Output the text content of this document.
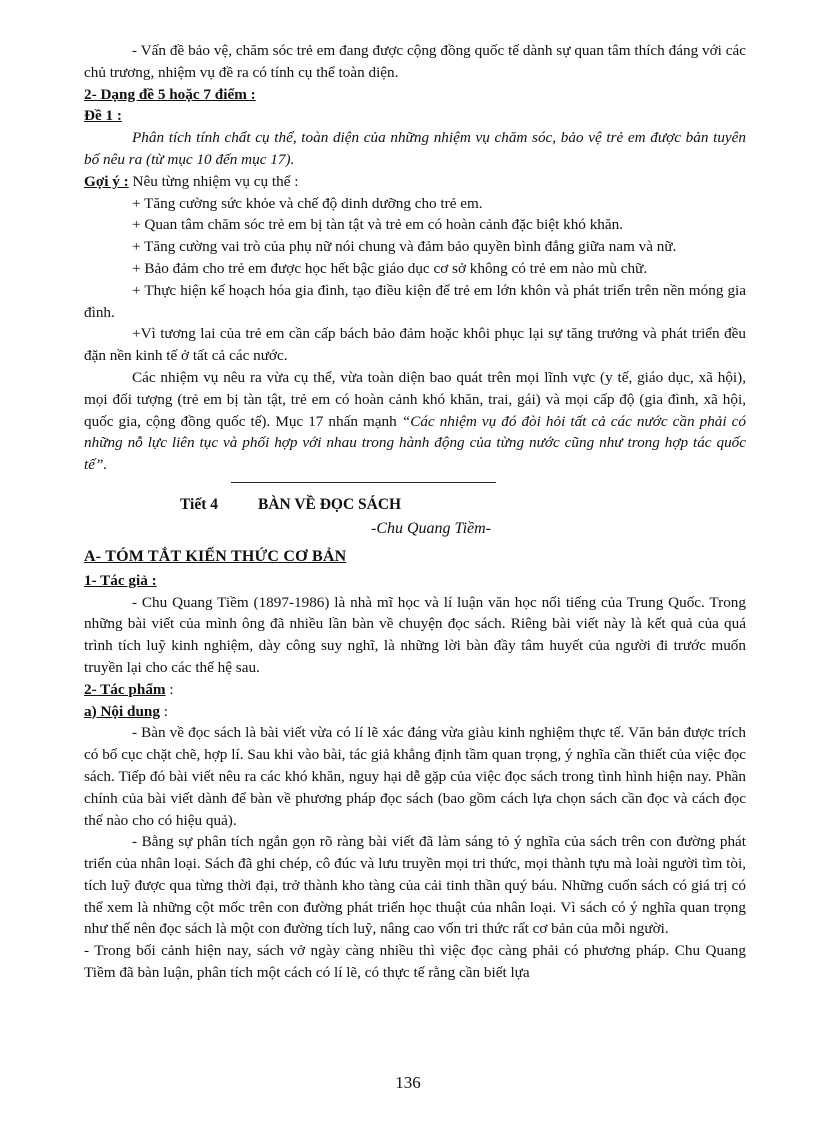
- Vấn đề bảo vệ, chăm sóc trẻ em đang được cộng đồng quốc tế dành sự quan tâm thích đáng với các chủ trương, nhiệm vụ đề ra có tính cụ thể toàn diện.

2- Dạng đề 5 hoặc 7 điểm :

Đề 1 :

Phân tích tính chất cụ thể, toàn diện của những nhiệm vụ chăm sóc, bảo vệ trẻ em được bản tuyên bố nêu ra (từ mục 10 đến mục 17).

Gợi ý : Nêu từng nhiệm vụ cụ thể :

+ Tăng cường sức khỏe và chế độ dinh dưỡng cho trẻ em.

+ Quan tâm chăm sóc trẻ em bị tàn tật và trẻ em có hoàn cảnh đặc biệt khó khăn.

+ Tăng cường vai trò của phụ nữ nói chung và đảm bảo quyền bình đẳng giữa nam và nữ.

+ Bảo đảm cho trẻ em được học hết bậc giáo dục cơ sở không có trẻ em nào mù chữ.

+ Thực hiện kế hoạch hóa gia đình, tạo điều kiện để trẻ em lớn khôn và phát triển trên nền móng gia đình.

+Vì tương lai của trẻ em cần cấp bách bảo đảm hoặc khôi phục lại sự tăng trưởng và phát triển đều đặn nền kinh tế ở tất cả các nước.

Các nhiệm vụ nêu ra vừa cụ thể, vừa toàn diện bao quát trên mọi lĩnh vực (y tế, giáo dục, xã hội), mọi đối tượng (trẻ em bị tàn tật, trẻ em có hoàn cảnh khó khăn, trai, gái) và mọi cấp độ (gia đình, xã hội, quốc gia, cộng đồng quốc tế). Mục 17 nhấn mạnh “Các nhiệm vụ đó đòi hỏi tất cả các nước cần phải có những nỗ lực liên tục và phối hợp với nhau trong hành động của từng nước cũng như trong hợp tác quốc tế”.

Tiết 4	BÀN VỀ ĐỌC SÁCH
-Chu Quang Tiềm-

A- TÓM TẮT KIẾN THỨC CƠ BẢN

1- Tác giả :

- Chu Quang Tiềm (1897-1986) là nhà mĩ học và lí luận văn học nổi tiếng của Trung Quốc. Trong những bài viết của mình ông đã nhiều lần bàn về chuyện đọc sách. Riêng bài viết này là kết quả của quá trình tích luỹ kinh nghiệm, dày công suy nghĩ, là những lời bàn đầy tâm huyết của người đi trước muốn truyền lại cho các thế hệ sau.

2- Tác phẩm :

a) Nội dung :

- Bàn về đọc sách là bài viết vừa có lí lẽ xác đáng vừa giàu kinh nghiệm thực tế. Văn bản được trích có bố cục chặt chẽ, hợp lí. Sau khi vào bài, tác giả khẳng định tầm quan trọng, ý nghĩa cần thiết của việc đọc sách. Tiếp đó bài viết nêu ra các khó khăn, nguy hại dễ gặp của việc đọc sách trong tình hình hiện nay. Phần chính của bài viết dành để bàn về phương pháp đọc sách (bao gồm cách lựa chọn sách cần đọc và cách đọc thế nào cho có hiệu quả).

- Bằng sự phân tích ngắn gọn rõ ràng bài viết đã làm sáng tỏ ý nghĩa của sách trên con đường phát triển của nhân loại. Sách đã ghi chép, cô đúc và lưu truyền mọi tri thức, mọi thành tựu mà loài người tìm tòi, tích luỹ được qua từng thời đại, trở thành kho tàng của cải tinh thần quý báu. Những cuốn sách có giá trị có thể xem là những cột mốc trên con đường phát triển học thuật của nhân loại. Vì sách có ý nghĩa quan trọng như thế nên đọc sách là một con đường tích luỹ, nâng cao vốn tri thức rất cơ bản của mỗi người.

- Trong bối cảnh hiện nay, sách vở ngày càng nhiều thì việc đọc càng phải có phương pháp. Chu Quang Tiềm đã bàn luận, phân tích một cách có lí lẽ, có thực tế rằng cần biết lựa

136
